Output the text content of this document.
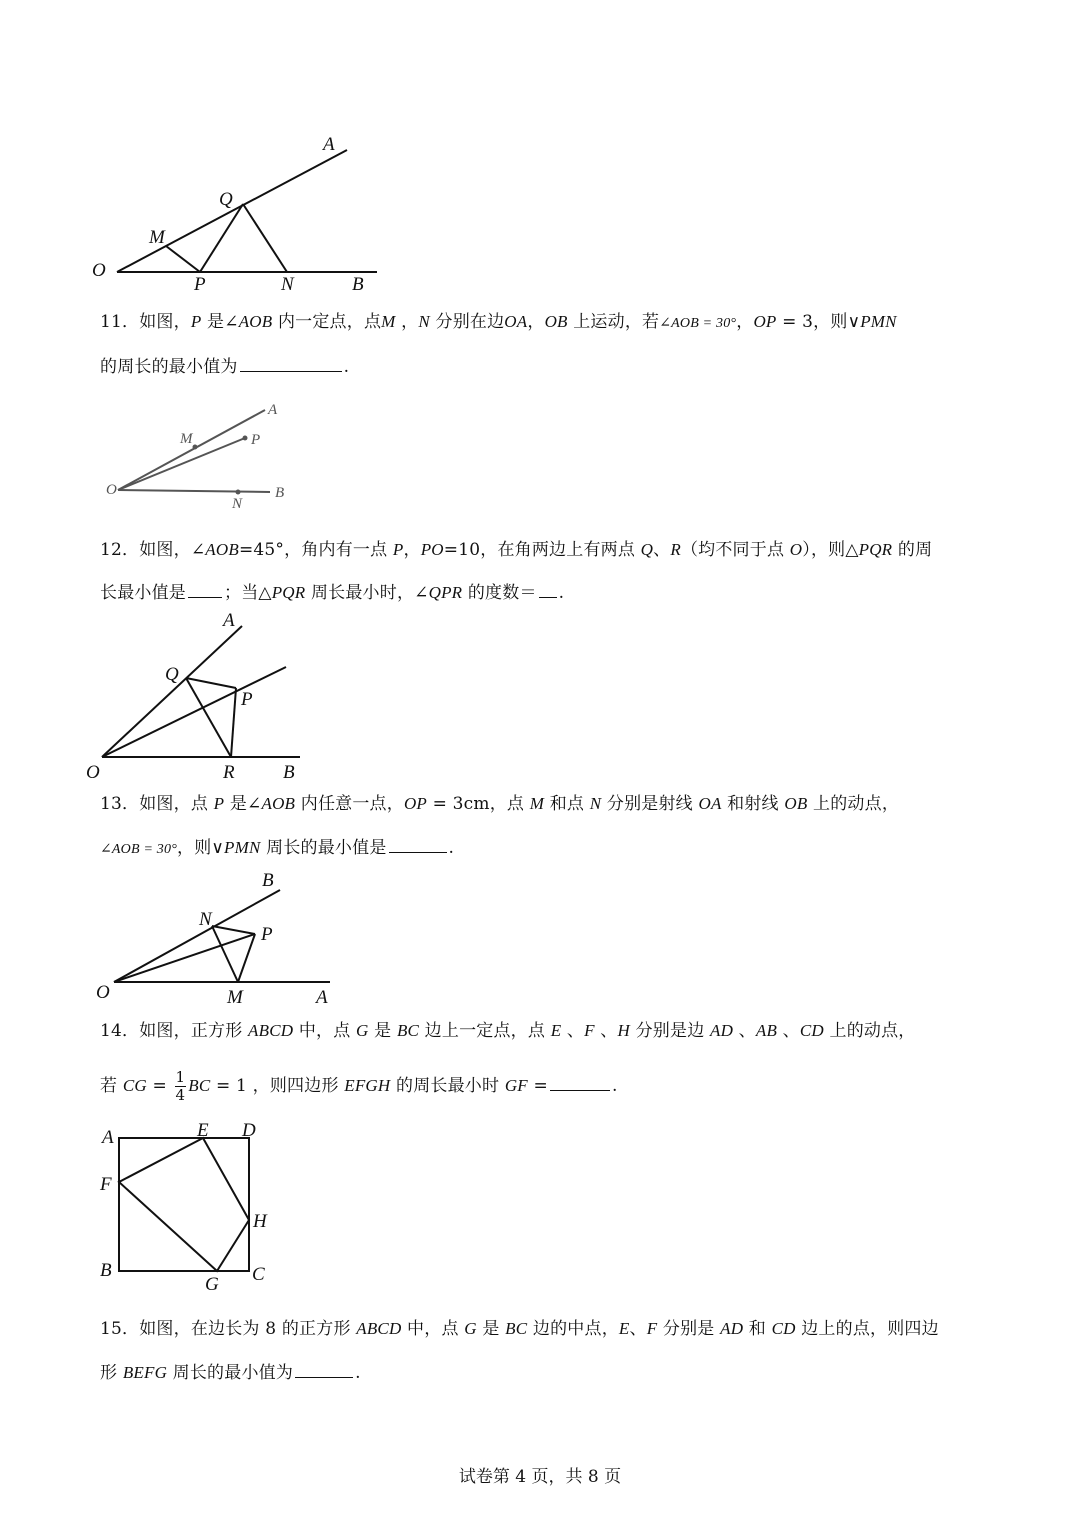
O
A
B
M
Q
P	N
11．如图，P 是∠AOB 内一定点，点M ，N 分别在边OA，OB 上运动，若∠AOB = 30°，OP = 3，则∨PMN
的周长的最小值为	.
O
A
B
M	P
N
12．如图，∠AOB=45°，角内有一点 P，PO=10，在角两边上有两点 Q、R（均不同于点 O），则△PQR 的周
长最小值是 ；当△PQR 周长最小时，∠QPR 的度数＝ .
O
A
B
Q
P
R
13．如图，点 P 是∠AOB 内任意一点，OP = 3cm，点 M 和点 N 分别是射线 OA 和射线 OB 上的动点，
∠AOB = 30°，则∨PMN 周长的最小值是	.
O	A
B
N
P
M
14．如图，正方形 ABCD 中，点 G 是 BC 边上一定点，点 E 、F 、H 分别是边 AD 、AB 、CD 上的动点，
若 CG = $\frac{1}{4}$ BC = 1 ，则四边形 EFGH 的周长最小时 GF =	.
A	D
E
F
H
B	C
G
15．如图，在边长为 8 的正方形 ABCD 中，点 G 是 BC 边的中点，E、F 分别是 AD 和 CD 边上的点，则四边
形 BEFG 周长的最小值为	.
试卷第 4 页，共 8 页
